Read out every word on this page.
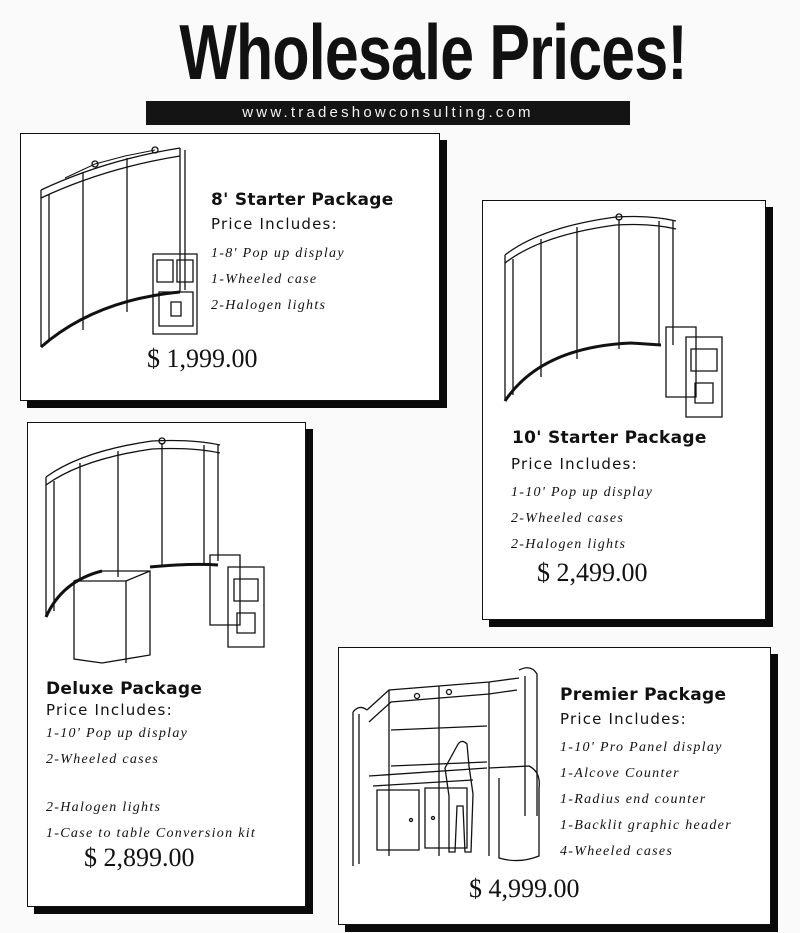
Wholesale Prices!
www.tradeshowconsulting.com
8' Starter Package
Price Includes:
1-8' Pop up display
1-Wheeled case
2-Halogen lights
$ 1,999.00
10' Starter Package
Price Includes:
1-10' Pop up display
2-Wheeled cases
2-Halogen lights
$ 2,499.00
Deluxe Package
Price Includes:
1-10' Pop up display
2-Wheeled cases
2-Halogen lights
1-Case to table Conversion kit
$ 2,899.00
Premier Package
Price Includes:
1-10' Pro Panel display
1-Alcove Counter
1-Radius end counter
1-Backlit graphic header
4-Wheeled cases
$ 4,999.00
